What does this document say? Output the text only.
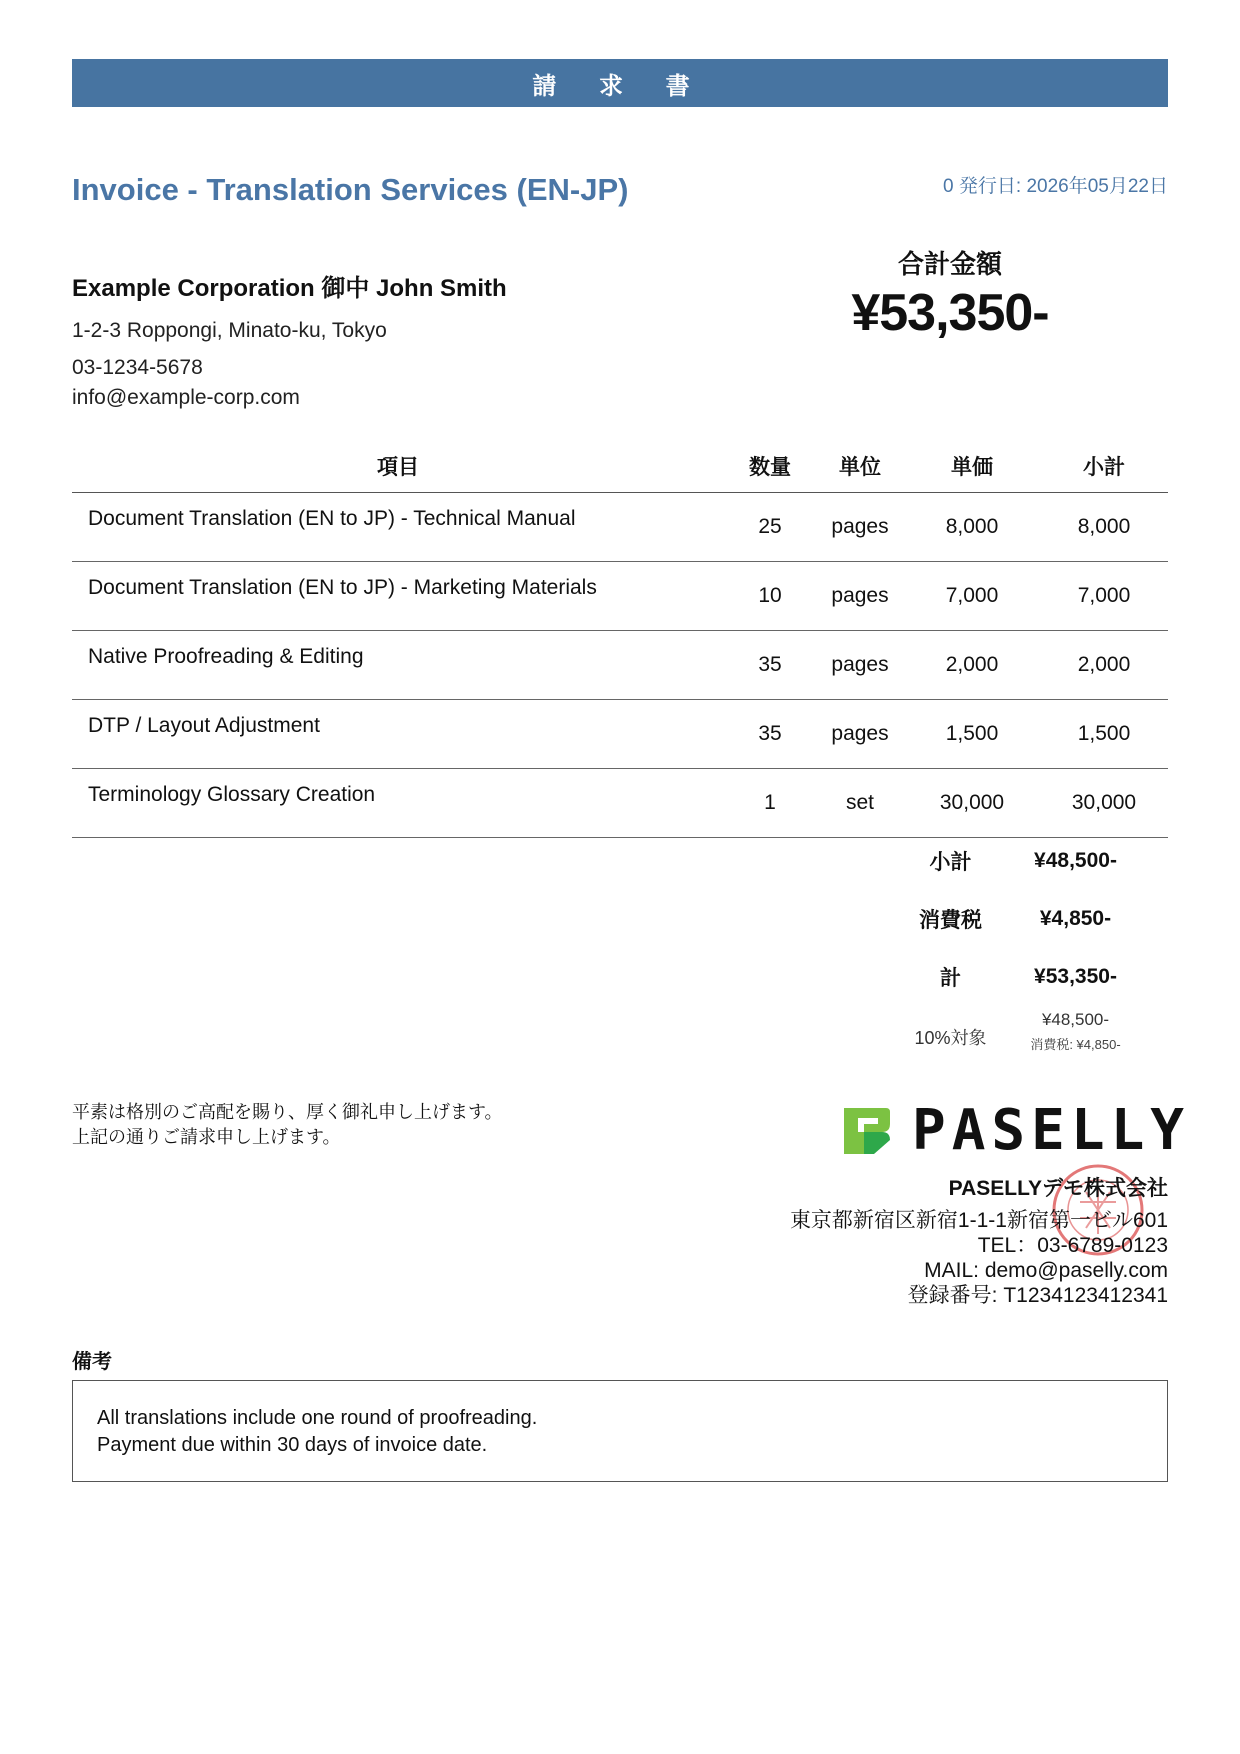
請 求 書
Invoice - Translation Services (EN-JP)	0 発行日: 2026年05月22日
Example Corporation 御中 John Smith
1-2-3 Roppongi, Minato-ku, Tokyo
03-1234-5678
info@example-corp.com
合計金額
¥53,350-
項目	数量	単位	単価	小計
Document Translation (EN to JP) - Technical Manual	25	pages	8,000	8,000
Document Translation (EN to JP) - Marketing Materials	10	pages	7,000	7,000
Native Proofreading & Editing	35	pages	2,000	2,000
DTP / Layout Adjustment	35	pages	1,500	1,500
Terminology Glossary Creation	1	set	30,000	30,000
小計	¥48,500-
消費税	¥4,850-
計	¥53,350-
10%対象
¥48,500-
消費税: ¥4,850-
平素は格別のご高配を賜り、厚く御礼申し上げます。
上記の通りご請求申し上げます。	PASELLY
PASELLYデモ株式会社
東京都新宿区新宿1-1-1新宿第一ビル601
TEL：03-6789-0123
MAIL: demo@paselly.com
登録番号: T1234123412341
備考
All translations include one round of proofreading.
Payment due within 30 days of invoice date.
